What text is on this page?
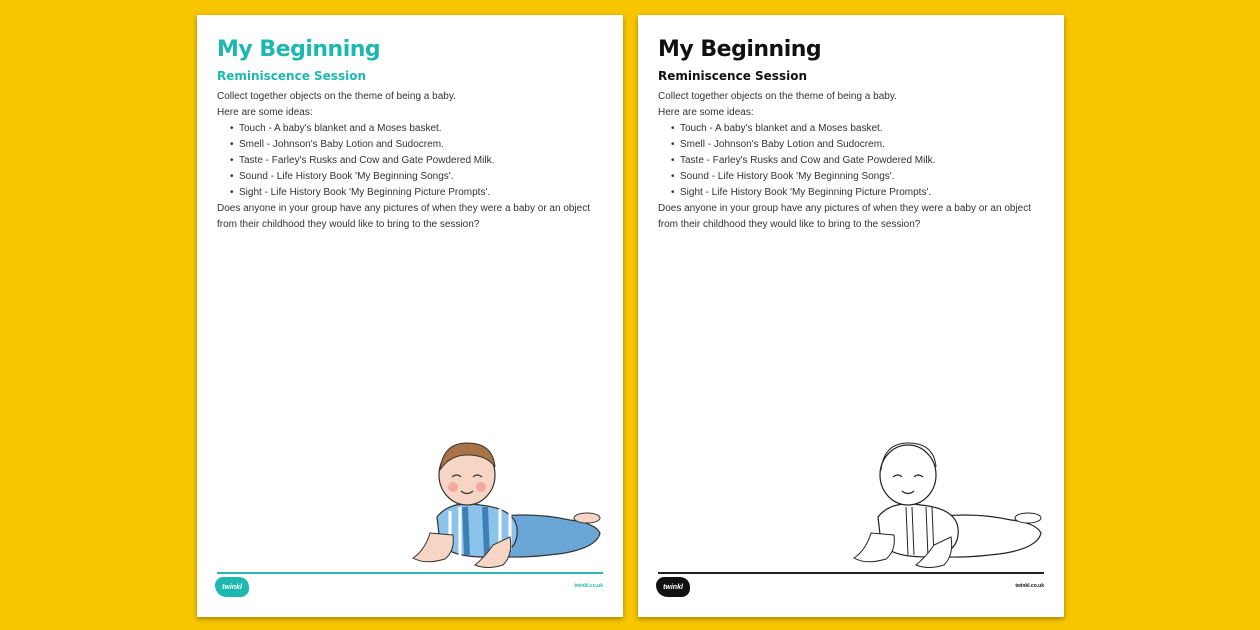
My Beginning
Reminiscence Session

Collect together objects on the theme of being a baby.

Here are some ideas:

• Touch - A baby's blanket and a Moses basket.
• Smell - Johnson's Baby Lotion and Sudocrem.
• Taste - Farley's Rusks and Cow and Gate Powdered Milk.
• Sound - Life History Book 'My Beginning Songs'.
• Sight - Life History Book 'My Beginning Picture Prompts'.

Does anyone in your group have any pictures of when they were a baby or an object from their childhood they would like to bring to the session?

twinkl	twinkl.co.uk
My Beginning
Reminiscence Session

Collect together objects on the theme of being a baby.

Here are some ideas:

• Touch - A baby's blanket and a Moses basket.
• Smell - Johnson's Baby Lotion and Sudocrem.
• Taste - Farley's Rusks and Cow and Gate Powdered Milk.
• Sound - Life History Book 'My Beginning Songs'.
• Sight - Life History Book 'My Beginning Picture Prompts'.

Does anyone in your group have any pictures of when they were a baby or an object from their childhood they would like to bring to the session?

twinkl	twinkl.co.uk
